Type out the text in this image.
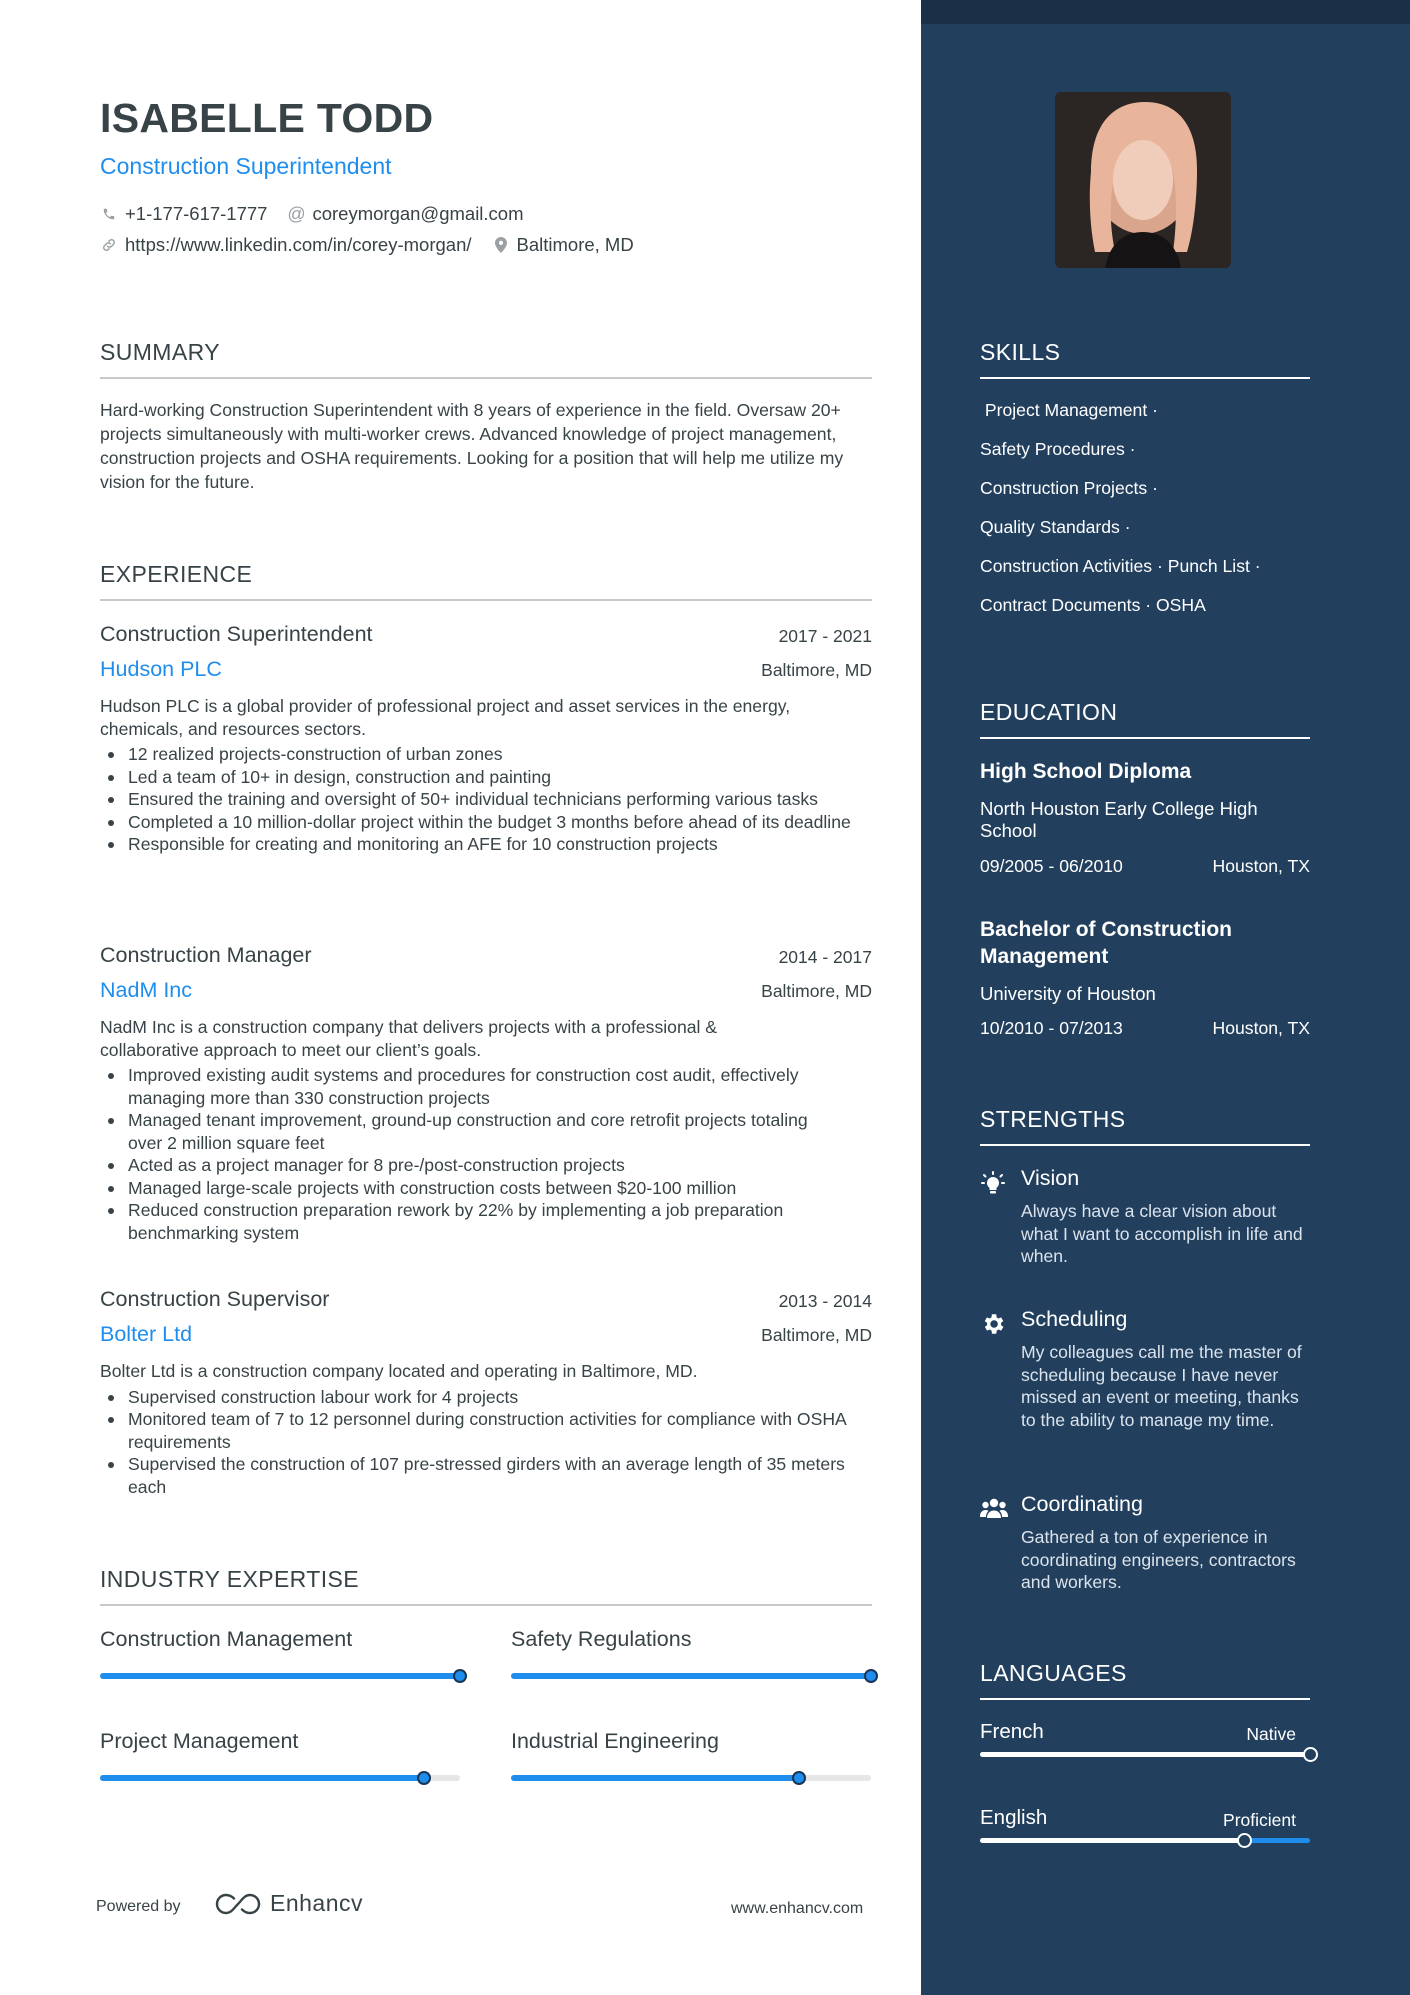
ISABELLE TODD
Construction Superintendent
+1-177-617-1777 @ coreymorgan@gmail.com
https://www.linkedin.com/in/corey-morgan/ Baltimore, MD
SUMMARY
Hard-working Construction Superintendent with 8 years of experience in the field. Oversaw 20+ projects simultaneously with multi-worker crews. Advanced knowledge of project management, construction projects and OSHA requirements. Looking for a position that will help me utilize my vision for the future.
EXPERIENCE
Construction Superintendent	2017 - 2021
Hudson PLC	Baltimore, MD
Hudson PLC is a global provider of professional project and asset services in the energy, chemicals, and resources sectors.
12 realized projects-construction of urban zones
Led a team of 10+ in design, construction and painting
Ensured the training and oversight of 50+ individual technicians performing various tasks
Completed a 10 million-dollar project within the budget 3 months before ahead of its deadline
Responsible for creating and monitoring an AFE for 10 construction projects
Construction Manager	2014 - 2017
NadM Inc	Baltimore, MD
NadM Inc is a construction company that delivers projects with a professional & collaborative approach to meet our client’s goals.
Improved existing audit systems and procedures for construction cost audit, effectively managing more than 330 construction projects
Managed tenant improvement, ground-up construction and core retrofit projects totaling over 2 million square feet
Acted as a project manager for 8 pre-/post-construction projects
Managed large-scale projects with construction costs between $20-100 million
Reduced construction preparation rework by 22% by implementing a job preparation benchmarking system
Construction Supervisor	2013 - 2014
Bolter Ltd	Baltimore, MD
Bolter Ltd is a construction company located and operating in Baltimore, MD.
Supervised construction labour work for 4 projects
Monitored team of 7 to 12 personnel during construction activities for compliance with OSHA requirements
Supervised the construction of 107 pre-stressed girders with an average length of 35 meters each
INDUSTRY EXPERTISE
Construction Management	Safety Regulations
Project Management	Industrial Engineering
Powered by	Enhancv	www.enhancv.com
SKILLS
Project Management ·
Safety Procedures ·
Construction Projects ·
Quality Standards ·
Construction Activities · Punch List ·
Contract Documents · OSHA
EDUCATION
High School Diploma
North Houston Early College High School
09/2005 - 06/2010	Houston, TX
Bachelor of Construction Management
University of Houston
10/2010 - 07/2013	Houston, TX
STRENGTHS
Vision
Always have a clear vision about what I want to accomplish in life and when.
Scheduling
My colleagues call me the master of scheduling because I have never missed an event or meeting, thanks to the ability to manage my time.
Coordinating
Gathered a ton of experience in coordinating engineers, contractors and workers.
LANGUAGES
French	Native
English	Proficient
